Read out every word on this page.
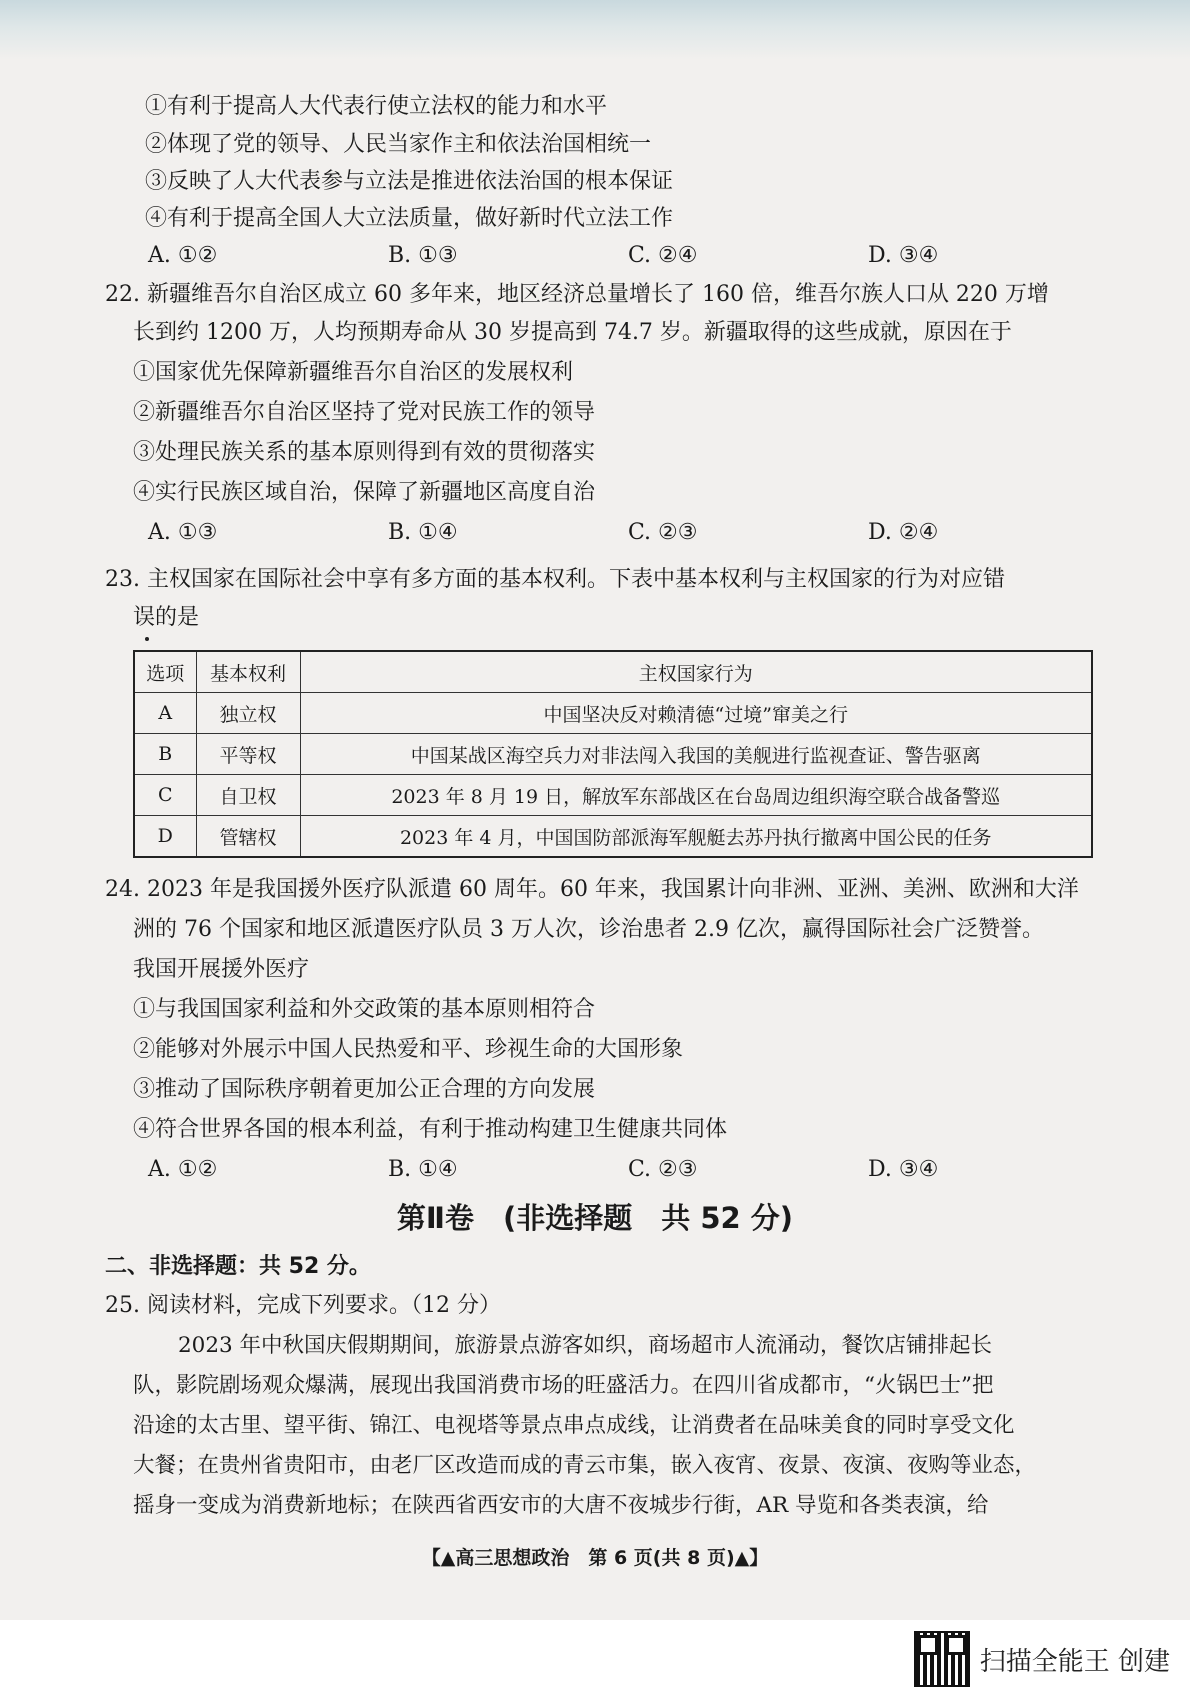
①有利于提高人大代表行使立法权的能力和水平
②体现了党的领导、人民当家作主和依法治国相统一
③反映了人大代表参与立法是推进依法治国的根本保证
④有利于提高全国人大立法质量，做好新时代立法工作
A. ①②	B. ①③	C. ②④	D. ③④
22. 新疆维吾尔自治区成立 60 多年来，地区经济总量增长了 160 倍，维吾尔族人口从 220 万增
长到约 1200 万，人均预期寿命从 30 岁提高到 74.7 岁。新疆取得的这些成就，原因在于
①国家优先保障新疆维吾尔自治区的发展权利
②新疆维吾尔自治区坚持了党对民族工作的领导
③处理民族关系的基本原则得到有效的贯彻落实
④实行民族区域自治，保障了新疆地区高度自治
A. ①③	B. ①④	C. ②③	D. ②④
23. 主权国家在国际社会中享有多方面的基本权利。下表中基本权利与主权国家的行为对应错
误的是
选项	基本权利	主权国家行为
A	独立权	中国坚决反对赖清德“过境”窜美之行
B	平等权	中国某战区海空兵力对非法闯入我国的美舰进行监视查证、警告驱离
C	自卫权	2023 年 8 月 19 日，解放军东部战区在台岛周边组织海空联合战备警巡
D	管辖权	2023 年 4 月，中国国防部派海军舰艇去苏丹执行撤离中国公民的任务
24. 2023 年是我国援外医疗队派遣 60 周年。60 年来，我国累计向非洲、亚洲、美洲、欧洲和大洋
洲的 76 个国家和地区派遣医疗队员 3 万人次，诊治患者 2.9 亿次，赢得国际社会广泛赞誉。
我国开展援外医疗
①与我国国家利益和外交政策的基本原则相符合
②能够对外展示中国人民热爱和平、珍视生命的大国形象
③推动了国际秩序朝着更加公正合理的方向发展
④符合世界各国的根本利益，有利于推动构建卫生健康共同体
A. ①②	B. ①④	C. ②③	D. ③④
第Ⅱ卷　(非选择题　共 52 分)
二、非选择题：共 52 分。
25. 阅读材料，完成下列要求。（12 分）
2023 年中秋国庆假期期间，旅游景点游客如织，商场超市人流涌动，餐饮店铺排起长
队，影院剧场观众爆满，展现出我国消费市场的旺盛活力。在四川省成都市，“火锅巴士”把
沿途的太古里、望平街、锦江、电视塔等景点串点成线，让消费者在品味美食的同时享受文化
大餐；在贵州省贵阳市，由老厂区改造而成的青云市集，嵌入夜宵、夜景、夜演、夜购等业态，
摇身一变成为消费新地标；在陕西省西安市的大唐不夜城步行街，AR 导览和各类表演，给
【▲高三思想政治　第 6 页(共 8 页)▲】
扫描全能王 创建
